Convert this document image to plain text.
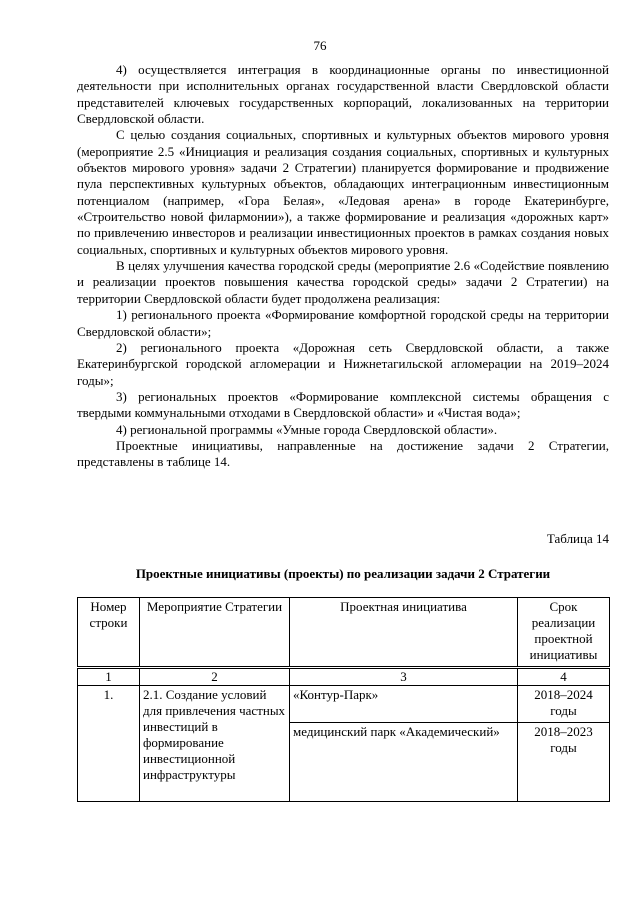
76

4) осуществляется интеграция в координационные органы по инвестиционной деятельности при исполнительных органах государственной власти Свердловской области представителей ключевых государственных корпораций, локализованных на территории Свердловской области.

С целью создания социальных, спортивных и культурных объектов мирового уровня (мероприятие 2.5 «Инициация и реализация создания социальных, спортивных и культурных объектов мирового уровня» задачи 2 Стратегии) планируется формирование и продвижение пула перспективных культурных объектов, обладающих интеграционным инвестиционным потенциалом (например, «Гора Белая», «Ледовая арена» в городе Екатеринбурге, «Строительство новой филармонии»), а также формирование и реализация «дорожных карт» по привлечению инвесторов и реализации инвестиционных проектов в рамках создания новых социальных, спортивных и культурных объектов мирового уровня.

В целях улучшения качества городской среды (мероприятие 2.6 «Содействие появлению и реализации проектов повышения качества городской среды» задачи 2 Стратегии) на территории Свердловской области будет продолжена реализация:

1) регионального проекта «Формирование комфортной городской среды на территории Свердловской области»;

2) регионального проекта «Дорожная сеть Свердловской области, а также Екатеринбургской городской агломерации и Нижнетагильской агломерации на 2019–2024 годы»;

3) региональных проектов «Формирование комплексной системы обращения с твердыми коммунальными отходами в Свердловской области» и «Чистая вода»;

4) региональной программы «Умные города Свердловской области».

Проектные инициативы, направленные на достижение задачи 2 Стратегии, представлены в таблице 14.

Таблица 14
Проектные инициативы (проекты) по реализации задачи 2 Стратегии
Номер строки	Мероприятие Стратегии	Проектная инициатива	Срок реализации проектной инициативы
1	2	3	4
1.	2.1. Создание условий для привлечения частных инвестиций в формирование инвестиционной инфраструктуры	«Контур-Парк»	2018–2024 годы
		медицинский парк «Академический»	2018–2023 годы
